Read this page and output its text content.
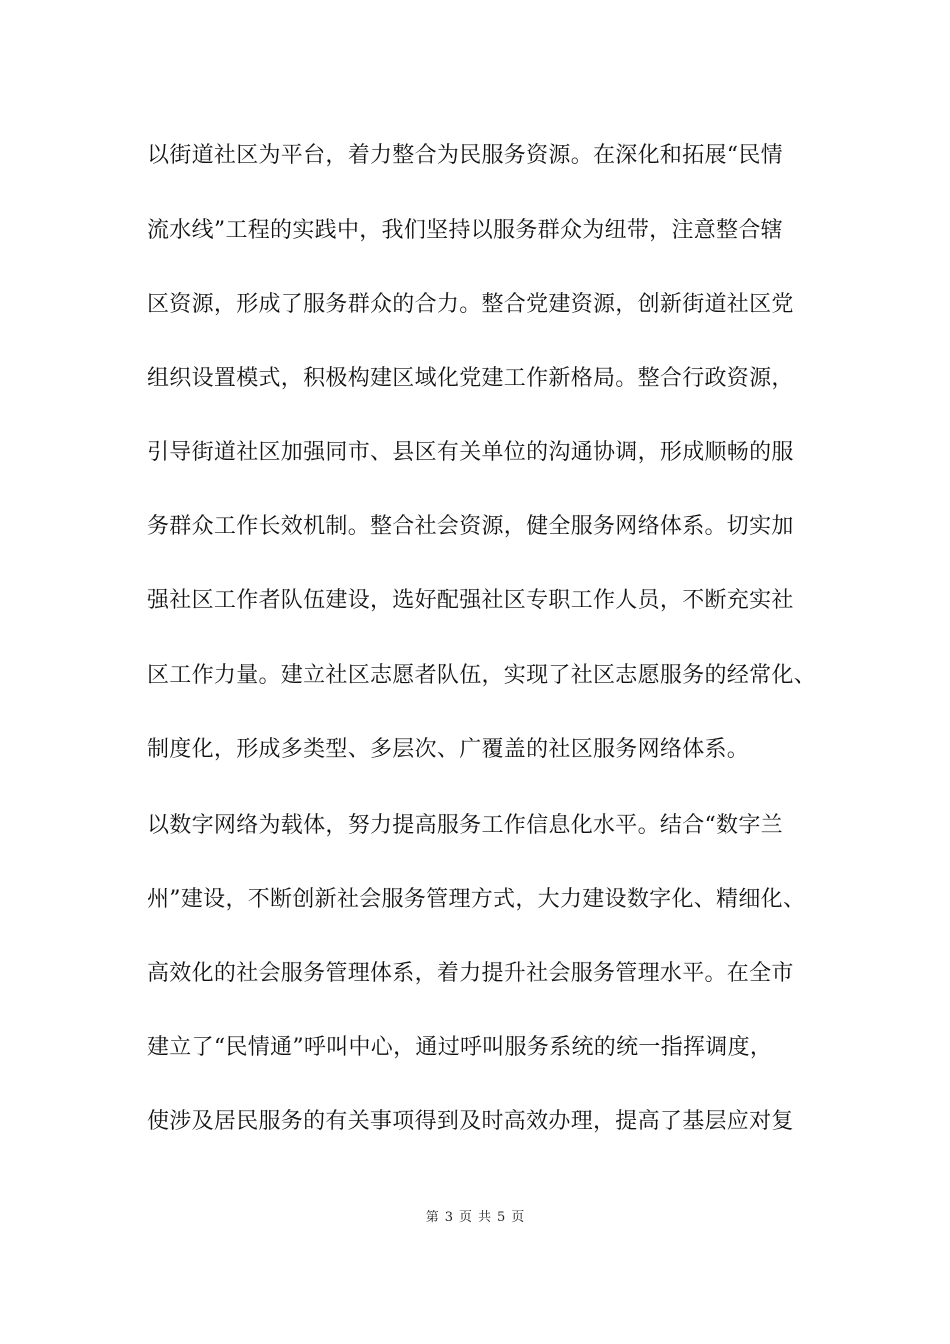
以街道社区为平台，着力整合为民服务资源。在深化和拓展“民情
流水线”工程的实践中，我们坚持以服务群众为纽带，注意整合辖
区资源，形成了服务群众的合力。整合党建资源，创新街道社区党
组织设置模式，积极构建区域化党建工作新格局。整合行政资源，
引导街道社区加强同市、县区有关单位的沟通协调，形成顺畅的服
务群众工作长效机制。整合社会资源，健全服务网络体系。切实加
强社区工作者队伍建设，选好配强社区专职工作人员，不断充实社
区工作力量。建立社区志愿者队伍，实现了社区志愿服务的经常化、
制度化，形成多类型、多层次、广覆盖的社区服务网络体系。
以数字网络为载体，努力提高服务工作信息化水平。结合“数字兰
州”建设，不断创新社会服务管理方式，大力建设数字化、精细化、
高效化的社会服务管理体系，着力提升社会服务管理水平。在全市
建立了“民情通”呼叫中心，通过呼叫服务系统的统一指挥调度，
使涉及居民服务的有关事项得到及时高效办理，提高了基层应对复
第 3 页 共 5 页
